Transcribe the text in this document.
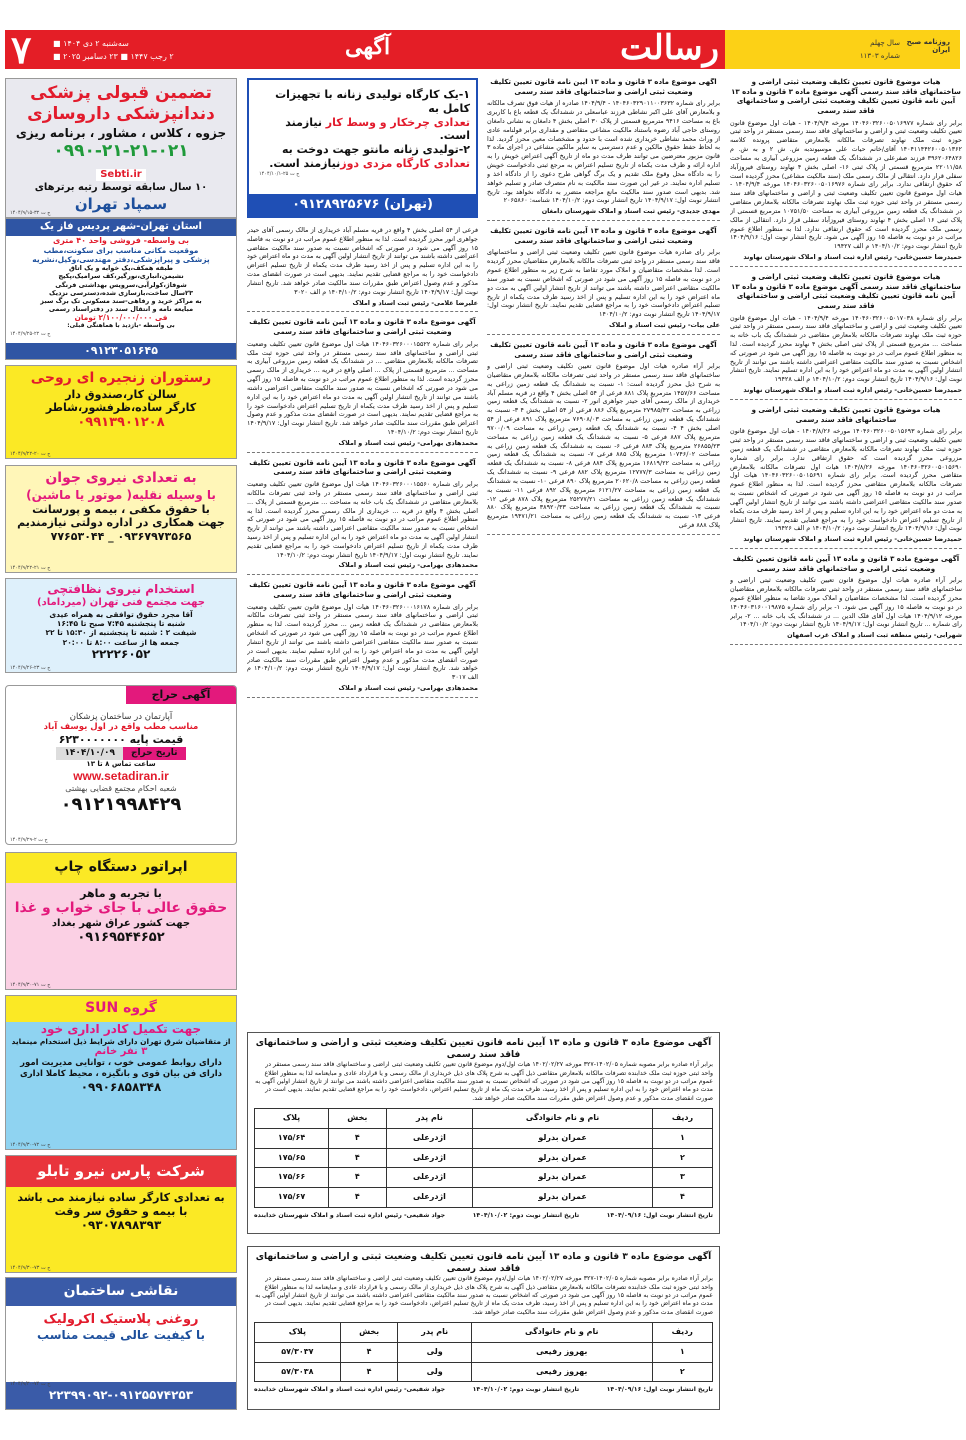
۷	سه‌شنبه ۲ دی ۱۴۰۴ ■
۲ رجب ۱۴۴۷ ■ ۲۳ دسامبر ۲۰۲۵ ■	آگهی	رسالت	روزنامه صبح ایران
سال چهلم
شماره ۱۱۳۰۳
تضمین قبولی پزشکی
دندانپزشکی داروسازی
جزوه ، کلاس ، مشاور ، برنامه ریزی
۰۹۹۰-۲۱-۲۱-۰۲۱
Sebti.ir
۱۰ سال سابقه توسط رتبه برترهای
سمپاد تهران
ج ت ۳۲-۱۴۰۴/۹/۱۵
استان تهران-شهر پردیس فاز یک
بی واسطه- فروشی واحد ۴۰ متری
موقعیت مکانی مناسب برای سکونت،مطب
پزشکی و پیراپزشکی،دفتر مهندسی،وکیل،نشریه
طبقه همکف،یک خوابه و یک اتاق
نشیمن،انباری،نورگیر،کف سرامیک،پکیج
شوفاژ،کولرآبی،سرویس بهداشتی فرنگی
۲۳سال ساخت،بازسازی شده،دسترسی نزدیک
به مراکز خرید و رفاهی-سند مسکونی تک برگ سبز
مبایعه نامه و انتقال سند در دفتراسناد رسمی
فی ۲/۱۰۰/۰۰۰/۰۰۰ تومان
بی واسطه -بازدید با هماهنگی قبلی:
۰۹۱۲۳۰۵۱۶۴۵
ج ت ۲۲-۱۴۰۴/۹/۲۵
رستوران زنجیره ای روحی
سالن کار،صندوق دار
کارگر ساده،ظرفشور،شاطر
۰۹۹۱۳۹۰۱۲۰۸
ج ت ۲۰-۱۴۰۴/۹/۲۲
به تعدادی نیروی جوان
با وسیله نقلیه( موتور یا ماشین)
با حقوق مکفی ، بیمه و پورسانت
جهت همکاری در اداره دولتی نیازمندیم
۰۹۳۶۷۹۷۳۵۶۵ _ ۷۷۶۵۳۰۴۴
ج ت ۲۱-۱۴۰۴/۹/۲۲
استخدام نیروی نظافتچی
جهت مجتمع فنی تهران (میرداماد)
آقا مجرد حقوق توافقی به همراه عیدی
شنبه تا پنجشنبه ۷:۴۵ صبح تا ۱۶:۴۵
شیفت ۲ : شنبه تا پنجشنبه از ۱۵:۳۰ تا ۲۲
جمعه ها از ساعت ۸:۰۰ تا ۲۰:۰۰
۲۲۲۲۶۰۵۲
ج ت ۲۳-۱۴۰۴/۹/۲۶
آگهی حراج
آپارتمان در ساختمان پزشکان
مناسب مطب واقع در اول یوسف آباد
قیمت پایه ۶۲۳۰۰۰۰۰۰۰
تاریخ حراج
۱۴۰۴/۱۰/۰۹
ساعت تماس ۸ تا ۱۳
www.setadiran.ir
شعبه احکام مجتمع قضایی بهشتی
۰۹۱۲۱۹۹۸۴۲۹
ج ت ۲-۱۴۰۴/۹/۲۹
اپراتور دستگاه چاپ
با تجربه و ماهر
حقوق عالی با جای خواب و غذا
جهت کشور عراق شهر بغداد
۰۹۱۶۹۵۴۴۶۵۲
ج ت ۷۱-۱۴۰۴/۹/۳۰
گروه SUN
جهت تکمیل کادر اداری خود
از متقاضیان شرق تهران دارای شرایط ذیل استخدام مینماید
۳ نفر خانم
دارای روابط عمومی خوب ، توانایی مدیریت امور
دارای فن بیان قوی و بانگیزه ، محیط کاملا اداری
۰۹۹۰۶۸۵۸۳۴۸
ج ت ۷۲-۱۴۰۴/۹/۳۰
شرکت پارس نیرو تابلو
به تعدادی کارگر ساده نیازمند می باشد
با بیمه و حقوق سر وقت
۰۹۳۰۷۸۹۸۳۹۳
ج ت ۷۳-۱۴۰۴/۹/۳۰
نقاشی ساختمان
روغنی پلاستیک اکرولیک
با کیفیت عالی قیمت مناسب
۲۲۳۹۹۰۹۲-۰۹۱۲۵۵۷۴۲۵۳
ج ت ۷۴-۱۴۰۴/۹/۳۰
۱-یک کارگاه تولیدی زنانه با تجهیزات کامل به
تعدادی چرخکار و وسط کار نیازمند است.
۲-تولیدی زنانه مانتو جهت دوخت به
تعدادی کارگاه مزدی دوزنیازمند است.
ج ت ۲۵-۱۴۰۴/۱۰/۱
(تهران) ۰۹۱۲۸۹۲۵۶۷۶

فرعی از ۵۴ اصلی بخش ۴ واقع در قریه مسلم آباد خریداری از مالک رسمی آقای حیدر جواهری انور محرز گردیده است. لذا به منظور اطلاع عموم مراتب در دو نوبت به فاصله ۱۵ روز آگهی می شود در صورتی که اشخاص نسبت به صدور سند مالکیت متقاضی اعتراضی داشته باشند می توانند از تاریخ انتشار اولین آگهی به مدت دو ماه اعتراض خود را به این اداره تسلیم و پس از اخذ رسید ظرف مدت یکماه از تاریخ تسلیم اعتراض دادخواست خود را به مراجع قضایی تقدیم نمایند. بدیهی است در صورت انقضای مدت مذکور و عدم وصول اعتراض طبق مقررات سند مالکیت صادر خواهد شد. تاریخ انتشار نوبت اول: ۱۴۰۴/۹/۱۷ تاریخ انتشار نوبت دوم: ۱۴۰۴/۱۰/۲ م الف ۳۰۲۰

علیرضا غلامی- رئیس ثبت اسناد و املاک
آگهی موضوع ماده ۳ قانون و ماده ۱۳ آیین نامه قانون تعیین تکلیف وضعیت ثبتی اراضی و ساختمانهای فاقد سند رسمی

برابر رای شماره ۱۴۰۴۶۰۳۲۶۰۰۰۱۵۵۲۲ هیات اول موضوع قانون تعیین تکلیف وضعیت ثبتی اراضی و ساختمانهای فاقد سند رسمی مستقر در واحد ثبتی حوزه ثبت ملک تصرفات مالکانه بلامعارض متقاضی ... در ششدانگ یک قطعه زمین مزروعی آبیاری به مساحت ... مترمربع قسمتی از پلاک ... اصلی واقع در قریه ... خریداری از مالک رسمی محرز گردیده است. لذا به منظور اطلاع عموم مراتب در دو نوبت به فاصله ۱۵ روز آگهی می شود در صورتی که اشخاص نسبت به صدور سند مالکیت متقاضی اعتراضی داشته باشند می توانند از تاریخ انتشار اولین آگهی به مدت دو ماه اعتراض خود را به این اداره تسلیم و پس از اخذ رسید ظرف مدت یکماه از تاریخ تسلیم اعتراض دادخواست خود را به مراجع قضایی تقدیم نمایند. بدیهی است در صورت انقضای مدت مذکور و عدم وصول اعتراض طبق مقررات سند مالکیت صادر خواهد شد. تاریخ انتشار نوبت اول: ۱۴۰۴/۹/۱۷ تاریخ انتشار نوبت دوم: ۱۴۰۴/۱۰/۲

محمدهادی بهرامی- رئیس ثبت اسناد و املاک
آگهی موضوع ماده ۳ قانون و ماده ۱۳ آیین نامه قانون تعیین تکلیف وضعیت ثبتی اراضی و ساختمانهای فاقد سند رسمی

برابر رای شماره ۱۴۰۴۶۰۳۲۶۰۰۰۱۵۵۶۰ هیات اول موضوع قانون تعیین تکلیف وضعیت ثبتی اراضی و ساختمانهای فاقد سند رسمی مستقر در واحد ثبتی تصرفات مالکانه بلامعارض متقاضی در ششدانگ یک باب خانه به مساحت ... مترمربع قسمتی از پلاک ... اصلی بخش ۴ واقع در قریه ... خریداری از مالک رسمی محرز گردیده است. لذا به منظور اطلاع عموم مراتب در دو نوبت به فاصله ۱۵ روز آگهی می شود در صورتی که اشخاص نسبت به صدور سند مالکیت متقاضی اعتراضی داشته باشند می توانند از تاریخ انتشار اولین آگهی به مدت دو ماه اعتراض خود را به این اداره تسلیم و پس از اخذ رسید ظرف مدت یکماه از تاریخ تسلیم اعتراض دادخواست خود را به مراجع قضایی تقدیم نمایند. تاریخ انتشار نوبت اول: ۱۴۰۴/۹/۱۷ تاریخ انتشار نوبت دوم: ۱۴۰۴/۱۰/۲

محمدهادی بهرامی- رئیس ثبت اسناد و املاک
آگهی موضوع ماده ۳ قانون و ماده ۱۳ آیین نامه قانون تعیین تکلیف وضعیت ثبتی اراضی و ساختمانهای فاقد سند رسمی

برابر رای شماره ۱۴۰۴۶۰۳۲۶۰۰۰۱۶۱۷۸ هیات اول موضوع قانون تعیین تکلیف وضعیت ثبتی اراضی و ساختمانهای فاقد سند رسمی مستقر در واحد ثبتی تصرفات مالکانه بلامعارض متقاضی در ششدانگ یک قطعه زمین ... محرز گردیده است. لذا به منظور اطلاع عموم مراتب در دو نوبت به فاصله ۱۵ روز آگهی می شود در صورتی که اشخاص نسبت به صدور سند مالکیت متقاضی اعتراضی داشته باشند می توانند از تاریخ انتشار اولین آگهی به مدت دو ماه اعتراض خود را به این اداره تسلیم نمایند. بدیهی است در صورت انقضای مدت مذکور و عدم وصول اعتراض طبق مقررات سند مالکیت صادر خواهد شد. تاریخ انتشار نوبت اول: ۱۴۰۴/۹/۱۷ تاریخ انتشار نوبت دوم: ۱۴۰۴/۱۰/۲ م الف ۳۰۱۷

محمدهادی بهرامی- رئیس ثبت اسناد و املاک
آگهی موضوع ماده ۳ قانون و ماده ۱۳ آیین نامه قانون تعیین تکلیف وضعیت ثبتی اراضی و ساختمانهای فاقد سند رسمی

برابر رای شماره ۱۴۰۴۶۰۳۲۹۰۱۱۰۰۳۶۳۲ - ۱۴۰۴/۹/۴ صادره از هیات فوق تصرف مالکانه و بلامعارض آقای علی اکبر نشاطی فرزند عباسعلی در ششدانگ یک قطعه باغ با کاربری باغ به مساحت ۹۴۱۶ مترمربع قسمتی از پلاک ۳۰ اصلی بخش ۴ دامغان به نشانی دامغان روستای حاجی آباد رضوه باستناد مالکیت مشاعی متقاضی و مقداری برابر قولنامه عادی از وراث محمد نشاطی خریداری شده است با حدود و مشخصات معین محرز گردید. لذا به لحاظ حفظ حقوق مالکین و عدم دسترسی به سایر مالکین مشاعی در اجرای ماده ۳ قانون مزبور معترضین می توانند ظرف مدت دو ماه از تاریخ آگهی اعتراض خویش را به اداره ارائه و ظرف مدت یکماه از تاریخ تسلیم اعتراض به مرجع ثبتی دادخواست خویش را به دادگاه محل وقوع ملک تقدیم و یک برگ گواهی طرح دعوی را از دادگاه اخذ و تسلیم اداره نمایند. در غیر این صورت سند مالکیت به نام متصرف صادر و تسلیم خواهد شد. بدیهی است صدور سند مالکیت مانع مراجعه متضرر به دادگاه نخواهد بود. تاریخ انتشار نوبت اول: ۱۴۰۴/۹/۱۷ تاریخ انتشار نوبت دوم: ۱۴۰۴/۱۰/۲ شناسه: ۲۰۶۵۸۶۰

مهدی جدیدی- رئیس ثبت اسناد و املاک شهرستان دامغان
آگهی موضوع ماده ۳ قانون و ماده ۱۳ آیین نامه قانون تعیین تکلیف وضعیت ثبتی اراضی و ساختمانهای فاقد سند رسمی

برابر رای صادره هیات موضوع قانون تعیین تکلیف وضعیت ثبتی اراضی و ساختمانهای فاقد سند رسمی مستقر در واحد ثبتی تصرفات مالکانه بلامعارض متقاضیان محرز گردیده است. لذا مشخصات متقاضیان و املاک مورد تقاضا به شرح زیر به منظور اطلاع عموم در دو نوبت به فاصله ۱۵ روز آگهی می شود در صورتی که اشخاص نسبت به صدور سند مالکیت متقاضی اعتراضی داشته باشند می توانند از تاریخ انتشار اولین آگهی به مدت دو ماه اعتراض خود را به این اداره تسلیم و پس از اخذ رسید ظرف مدت یکماه از تاریخ تسلیم اعتراض دادخواست خود را به مراجع قضایی تقدیم نمایند. تاریخ انتشار نوبت اول: ۱۴۰۴/۹/۱۷ تاریخ انتشار نوبت دوم: ۱۴۰۴/۱۰/۲

علی بیات- رئیس ثبت اسناد و املاک
آگهی موضوع ماده ۳ قانون و ماده ۱۳ آیین نامه قانون تعیین تکلیف وضعیت ثبتی اراضی و ساختمانهای فاقد سند رسمی

برابر آراء صادره هیات اول موضوع قانون تعیین تکلیف وضعیت ثبتی اراضی و ساختمانهای فاقد سند رسمی مستقر در واحد ثبتی تصرفات مالکانه بلامعارض متقاضیان به شرح ذیل محرز گردیده است: ۱- نسبت به ششدانگ یک قطعه زمین زراعی به مساحت ۱۴۵۷/۶۶ مترمربع پلاک ۸۸۱ فرعی از ۵۴ اصلی بخش ۴ واقع در قریه مسلم آباد خریداری از مالک رسمی آقای حیدر جواهری انور ۲- نسبت به ششدانگ یک قطعه زمین زراعی به مساحت ۲۷۹۸۵/۴۲ مترمربع پلاک ۸۸۶ فرعی از ۵۴ اصلی بخش ۴ ۳- نسبت به ششدانگ یک قطعه زمین زراعی به مساحت ۷۶۹۰۸/۰۳ مترمربع پلاک ۸۹۱ فرعی از ۵۴ اصلی بخش ۴ ۴- نسبت به ششدانگ یک قطعه زمین زراعی به مساحت ۹۷۰۰/۰۹ مترمربع پلاک ۸۸۷ فرعی ۵- نسبت به ششدانگ یک قطعه زمین زراعی به مساحت ۲۶۸۵۵/۲۳ مترمربع پلاک ۸۸۳ فرعی ۶- نسبت به ششدانگ یک قطعه زمین زراعی به مساحت ۱۰۷۴۶/۰۲ مترمربع پلاک ۸۸۵ فرعی ۷- نسبت به ششدانگ یک قطعه زمین زراعی به مساحت ۱۶۸۱۹/۲۲ مترمربع پلاک ۸۸۴ فرعی ۸- نسبت به ششدانگ یک قطعه زمین زراعی به مساحت ۱۲۷۷۷/۳ مترمربع پلاک ۸۸۲ فرعی ۹- نسبت به ششدانگ یک قطعه زمین زراعی به مساحت ۲۰۶۲۰/۸ مترمربع پلاک ۸۹۰ فرعی ۱۰- نسبت به ششدانگ یک قطعه زمین زراعی به مساحت ۶۱۲۱/۲۷ مترمربع پلاک ۸۹۲ فرعی ۱۱- نسبت به ششدانگ یک قطعه زمین زراعی به مساحت ۲۵۲۷۷/۲۱ مترمربع پلاک ۸۷۸ فرعی ۱۲- نسبت به ششدانگ یک قطعه زمین زراعی به مساحت ۳۸۹۲۰/۳۳ مترمربع پلاک ۸۸۰ فرعی ۱۳- نسبت به ششدانگ یک قطعه زمین زراعی به مساحت ۱۹۴۷۱/۲۱ مترمربع پلاک ۸۸۸ فرعی

هیات موضوع قانون تعیین تکلیف وضعیت ثبتی اراضی و ساختمانهای فاقد سند رسمی آگهی موضوع ماده ۳ قانون و ماده ۱۳ آیین نامه قانون تعیین تکلیف وضعیت ثبتی اراضی و ساختمانهای فاقد سند رسمی

برابر رای شماره ۱۴۰۴۶۰۳۲۶۰۰۵۰۱۶۹۷۷ مورخه ۱۴۰۴/۹/۴ - هیات اول موضوع قانون تعیین تکلیف وضعیت ثبتی و اراضی و ساختمانهای فاقد سند رسمی مستقر در واحد ثبتی حوزه ثبت ملک نهاوند تصرفات مالکانه بلامعارض متقاضی پرونده کلاسه ۱۴۰۴۱۱۴۴۲۶۰۰۵۰۱۳۶۲ آقای/خانم حیات علی موسیوندبه ش. ش ۲ و به ش. م ۳۹۶۲۰۶۴۸۲۶ فرزند صفرعلی در ششدانگ یک قطعه زمین مزروعی آبیاری به مساحت ۲۲۰۱۱/۵۸ مترمربع قسمتی از پلاک ثبتی ۱۶- اصلی بخش ۴ نهاوند روستای فیروزآباد سفلی قرار دارد. انتقالی از مالک رسمی ملک (سند مالکیت مشاعی) محرز گردیده است که حقوق ارتفاقی ندارد. برابر رای شماره ۱۴۰۴۶۰۳۲۶۰۰۵۰۱۶۹۷۶ مورخه ۱۴۰۴/۹/۴ - هیات اول موضوع قانون تعیین تکلیف وضعیت ثبتی و اراضی و ساختمانهای فاقد سند رسمی مستقر در واحد ثبتی حوزه ثبت ملک نهاوند تصرفات مالکانه بلامعارض متقاضی در ششدانگ یک قطعه زمین مزروعی آبیاری به مساحت ۱۰۷۵۱/۵۰ مترمربع قسمتی از پلاک ثبتی ۱۶ اصلی بخش ۴ نهاوند روستای فیروزآباد سفلی قرار دارد. انتقالی از مالک رسمی ملک محرز گردیده است که حقوق ارتفاقی ندارد. لذا به منظور اطلاع عموم مراتب در دو نوبت به فاصله ۱۵ روز آگهی می شود. تاریخ انتشار نوبت اول: ۱۴۰۴/۹/۱۶ تاریخ انتشار نوبت دوم: ۱۴۰۴/۱۰/۲ م الف ۱۹۴۲۷

حمیدرضا حسین‌خانی- رئیس اداره ثبت اسناد و املاک شهرستان نهاوند
هیات موضوع قانون تعیین تکلیف وضعیت ثبتی اراضی و ساختمانهای فاقد سند رسمی آگهی موضوع ماده ۳ قانون و ماده ۱۳ آیین نامه قانون تعیین تکلیف وضعیت ثبتی اراضی و ساختمانهای فاقد سند رسمی

برابر رای شماره ۱۴۰۴۶۰۳۲۶۰۰۵۰۱۷۰۳۸ مورخه ۱۴۰۴/۹/۴ - هیات اول موضوع قانون تعیین تکلیف وضعیت ثبتی و اراضی و ساختمانهای فاقد سند رسمی مستقر در واحد ثبتی حوزه ثبت ملک نهاوند تصرفات مالکانه بلامعارض متقاضی در ششدانگ یک باب خانه به مساحت ... مترمربع قسمتی از پلاک ثبتی اصلی بخش ۴ نهاوند محرز گردیده است. لذا به منظور اطلاع عموم مراتب در دو نوبت به فاصله ۱۵ روز آگهی می شود در صورتی که اشخاص نسبت به صدور سند مالکیت متقاضی اعتراضی داشته باشند می توانند از تاریخ انتشار اولین آگهی به مدت دو ماه اعتراض خود را به این اداره تسلیم نمایند. تاریخ انتشار نوبت اول: ۱۴۰۴/۹/۱۶ تاریخ انتشار نوبت دوم: ۱۴۰۴/۱۰/۲ م الف ۱۹۴۲۸

حمیدرضا حسین‌خانی- رئیس اداره ثبت اسناد و املاک شهرستان نهاوند
هیات موضوع قانون تعیین تکلیف وضعیت ثبتی اراضی و ساختمانهای فاقد سند رسمی

برابر رای شماره ۱۴۰۴۶۰۳۲۶۰۰۵۰۱۵۶۹۳ مورخه ۱۴۰۴/۸/۲۶ - هیات اول موضوع قانون تعیین تکلیف وضعیت ثبتی و اراضی و ساختمانهای فاقد سند رسمی مستقر در واحد ثبتی حوزه ثبت ملک نهاوند تصرفات مالکانه بلامعارض متقاضی در ششدانگ یک قطعه زمین مزروعی محرز گردیده است که حقوق ارتفاقی ندارد. برابر رای شماره ۱۴۰۴۶۰۳۲۶۰۰۵۰۱۵۶۹۰ مورخه ۱۴۰۴/۸/۲۶ هیات اول تصرفات مالکانه بلامعارض متقاضی محرز گردیده است. برابر رای شماره ۱۴۰۴۶۰۳۲۶۰۰۵۰۱۵۶۹۱ هیات اول تصرفات مالکانه بلامعارض متقاضی محرز گردیده است. لذا به منظور اطلاع عموم مراتب در دو نوبت به فاصله ۱۵ روز آگهی می شود در صورتی که اشخاص نسبت به صدور سند مالکیت متقاضی اعتراضی داشته باشند می توانند از تاریخ انتشار اولین آگهی به مدت دو ماه اعتراض خود را به این اداره تسلیم و پس از اخذ رسید ظرف مدت یکماه از تاریخ تسلیم اعتراض دادخواست خود را به مراجع قضایی تقدیم نمایند. تاریخ انتشار نوبت اول: ۱۴۰۴/۹/۱۶ تاریخ انتشار نوبت دوم: ۱۴۰۴/۱۰/۲ م الف ۱۹۴۲۶

حمیدرضا حسین‌خانی- رئیس اداره ثبت اسناد و املاک شهرستان نهاوند
آگهی موضوع ماده ۳ قانون و ماده ۱۳ آیین نامه قانون تعیین تکلیف وضعیت ثبتی اراضی و ساختمانهای فاقد سند رسمی

برابر آراء صادره هیات اول موضوع قانون تعیین تکلیف وضعیت ثبتی اراضی و ساختمانهای فاقد سند رسمی مستقر در واحد ثبتی تصرفات مالکانه بلامعارض متقاضیان محرز گردیده است. لذا مشخصات متقاضیان و املاک مورد تقاضا به منظور اطلاع عموم در دو نوبت به فاصله ۱۵ روز آگهی می شود. ۱- برابر رای شماره ۱۴۰۴۶۰۳۱۶۰۰۱۹۸۷۵ مورخه ۱۴۰۴/۹/۱۲ هیات اول آقای فلک الدین ... در ششدانگ یک باب خانه ... ۲- برابر رای شماره ... تاریخ انتشار نوبت اول: ۱۴۰۴/۹/۱۷ تاریخ انتشار نوبت دوم: ۱۴۰۴/۱۰/۲

شهرابی- رئیس منطقه ثبت اسناد و املاک غرب اصفهان
آگهی موضوع ماده ۳ قانون و ماده ۱۳ آیین نامه قانون تعیین تکلیف وضعیت ثبتی و اراضی و ساختمانهای فاقد سند رسمی

برابر آراء صادره برابر مصوبه شماره ۱۴۰۲/۰۵-۳۲۷ مورخه ۱۴۰۲/۰۲/۲۷ هیات اول/دوم موضوع قانون تعیین تکلیف وضعیت ثبتی اراضی و ساختمانهای فاقد سند رسمی مستقر در واحد ثبتی حوزه ثبت ملک خدابنده تصرفات مالکانه بلامعارض متقاضی ذیل آگهی به شرح پلاک های ذیل خریداری از مالک رسمی و یا قرارداد عادی و مبایعنامه لذا به منظور اطلاع عموم مراتب در دو نوبت به فاصله ۱۵ روز آگهی می شود در صورتی که اشخاص نسبت به صدور سند مالکیت متقاضی اعتراضی داشته باشند می توانند از تاریخ انتشار اولین آگهی به مدت دو ماه اعتراض خود را به این اداره تسلیم و پس از اخذ رسید، ظرف مدت یک ماه از تاریخ تسلیم اعتراض، دادخواست خود را به مراجع قضایی تقدیم نمایند. بدیهی است در صورت انقضای مدت مذکور و عدم وصول اعتراض طبق مقررات سند مالکیت صادر خواهد شد.

ردیف	نام و نام خانوادگی	نام پدر	بخش	پلاک
۱	عمران بدرلو	اژدرعلی	۴	۱۷۵/۶۴
۲	عمران بدرلو	اژدرعلی	۴	۱۷۵/۶۵
۳	عمران بدرلو	اژدرعلی	۴	۱۷۵/۶۶
۴	عمران بدرلو	اژدرعلی	۴	۱۷۵/۶۷
تاریخ انتشار نوبت اول: ۱۴۰۴/۰۹/۱۶
تاریخ انتشار نوبت دوم: ۱۴۰۴/۱۰/۰۲
جواد شفیعی- رئیس اداره ثبت اسناد و املاک شهرستان خدابنده
آگهی موضوع ماده ۳ قانون و ماده ۱۳ آیین نامه قانون تعیین تکلیف وضعیت ثبتی و اراضی و ساختمانهای فاقد سند رسمی

برابر آراء صادره برابر مصوبه شماره ۱۴۰۲/۰۵-۳۲۷ مورخه ۱۴۰۲/۰۲/۲۷ هیات اول/دوم موضوع قانون تعیین تکلیف وضعیت ثبتی اراضی و ساختمانهای فاقد سند رسمی مستقر در واحد ثبتی حوزه ثبت ملک خدابنده تصرفات مالکانه بلامعارض متقاضی ذیل آگهی به شرح پلاک های ذیل خریداری از مالک رسمی و یا قرارداد عادی و مبایعنامه لذا به منظور اطلاع عموم مراتب در دو نوبت به فاصله ۱۵ روز آگهی می شود در صورتی که اشخاص نسبت به صدور سند مالکیت متقاضی اعتراضی داشته باشند می توانند از تاریخ انتشار اولین آگهی به مدت دو ماه اعتراض خود را به این اداره تسلیم و پس از اخذ رسید، ظرف مدت یک ماه از تاریخ تسلیم اعتراض، دادخواست خود را به مراجع قضایی تقدیم نمایند. بدیهی است در صورت انقضای مدت مذکور و عدم وصول اعتراض طبق مقررات سند مالکیت صادر خواهد شد.

ردیف	نام و نام خانوادگی	نام پدر	بخش	پلاک
۱	بهروز رفیعی	ولی	۴	۵۷/۳۰۳۷
۲	بهروز رفیعی	ولی	۴	۵۷/۳۰۳۸
تاریخ انتشار نوبت اول: ۱۴۰۴/۰۹/۱۶
تاریخ انتشار نوبت دوم: ۱۴۰۴/۱۰/۰۲
جواد شفیعی- رئیس اداره ثبت اسناد و املاک شهرستان خدابنده
